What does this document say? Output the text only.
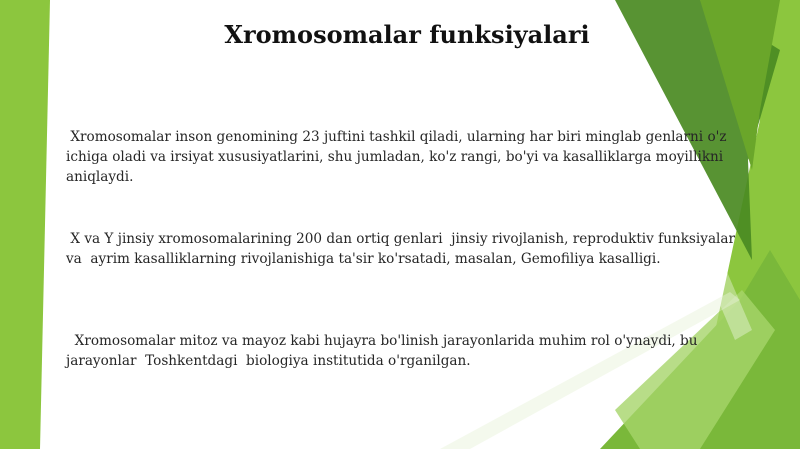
Xromosomalar funksiyalari

Xromosomalar inson genomining 23 juftini tashkil qiladi, ularning har biri minglab genlarni o'z ichiga oladi va irsiyat xususiyatlarini, shu jumladan, ko'z rangi, bo'yi va kasalliklarga moyillikni aniqlaydi.

X va Y jinsiy xromosomalarining 200 dan ortiq genlari  jinsiy rivojlanish, reproduktiv funksiyalar va  ayrim kasalliklarning rivojlanishiga ta'sir ko'rsatadi, masalan, Gemofiliya kasalligi.

Xromosomalar mitoz va mayoz kabi hujayra bo'linish jarayonlarida muhim rol o'ynaydi, bu jarayonlar  Toshkentdagi  biologiya institutida o'rganilgan.
